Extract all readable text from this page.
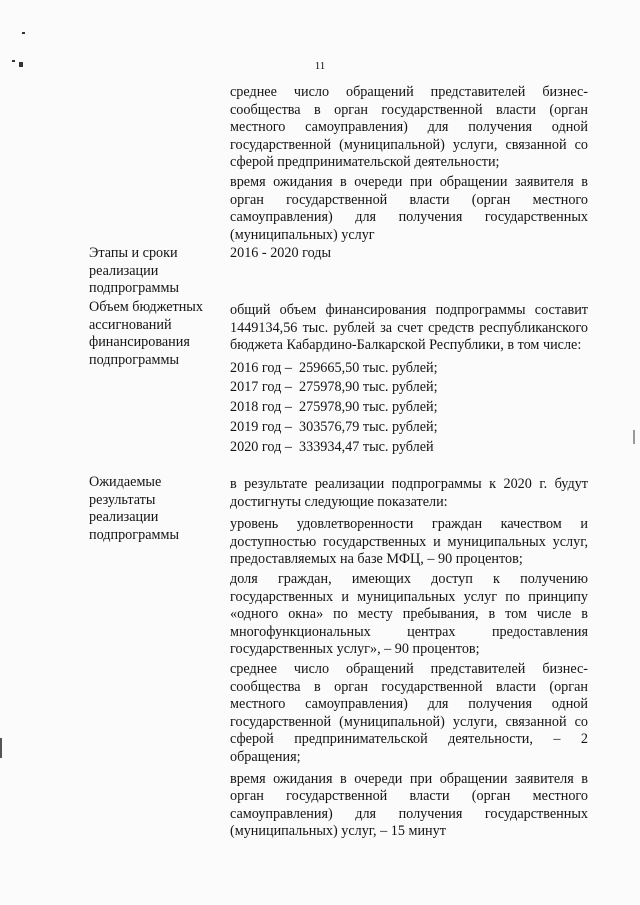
11
среднее число обращений представителей бизнес-сообщества в орган государственной власти (орган местного самоуправления) для получения одной государственной (муниципальной) услуги, связанной со сферой предпринимательской деятельности;
время ожидания в очереди при обращении заявителя в орган государственной власти (орган местного самоуправления) для получения государственных (муниципальных) услуг
Этапы и сроки
реализации
подпрограммы
2016 - 2020 годы
Объем бюджетных
ассигнований
финансирования
подпрограммы
общий объем финансирования подпрограммы составит 1449134,56 тыс. рублей за счет средств республиканского бюджета Кабардино-Балкарской Республики, в том числе:
2016 год –  259665,50 тыс. рублей;
2017 год –  275978,90 тыс. рублей;
2018 год –  275978,90 тыс. рублей;
2019 год –  303576,79 тыс. рублей;
2020 год –  333934,47 тыс. рублей
Ожидаемые
результаты
реализации
подпрограммы
в результате реализации подпрограммы к 2020 г. будут достигнуты следующие показатели:
уровень удовлетворенности граждан качеством и доступностью государственных и муниципальных услуг, предоставляемых на базе МФЦ, – 90 процентов;
доля граждан, имеющих доступ к получению государственных и муниципальных услуг по принципу «одного окна» по месту пребывания, в том числе в многофункциональных центрах предоставления государственных услуг», – 90 процентов;
среднее число обращений представителей бизнес-сообщества в орган государственной власти (орган местного самоуправления) для получения одной государственной (муниципальной) услуги, связанной со сферой предпринимательской деятельности, – 2 обращения;
время ожидания в очереди при обращении заявителя в орган государственной власти (орган местного самоуправления) для получения государственных (муниципальных) услуг, – 15 минут
